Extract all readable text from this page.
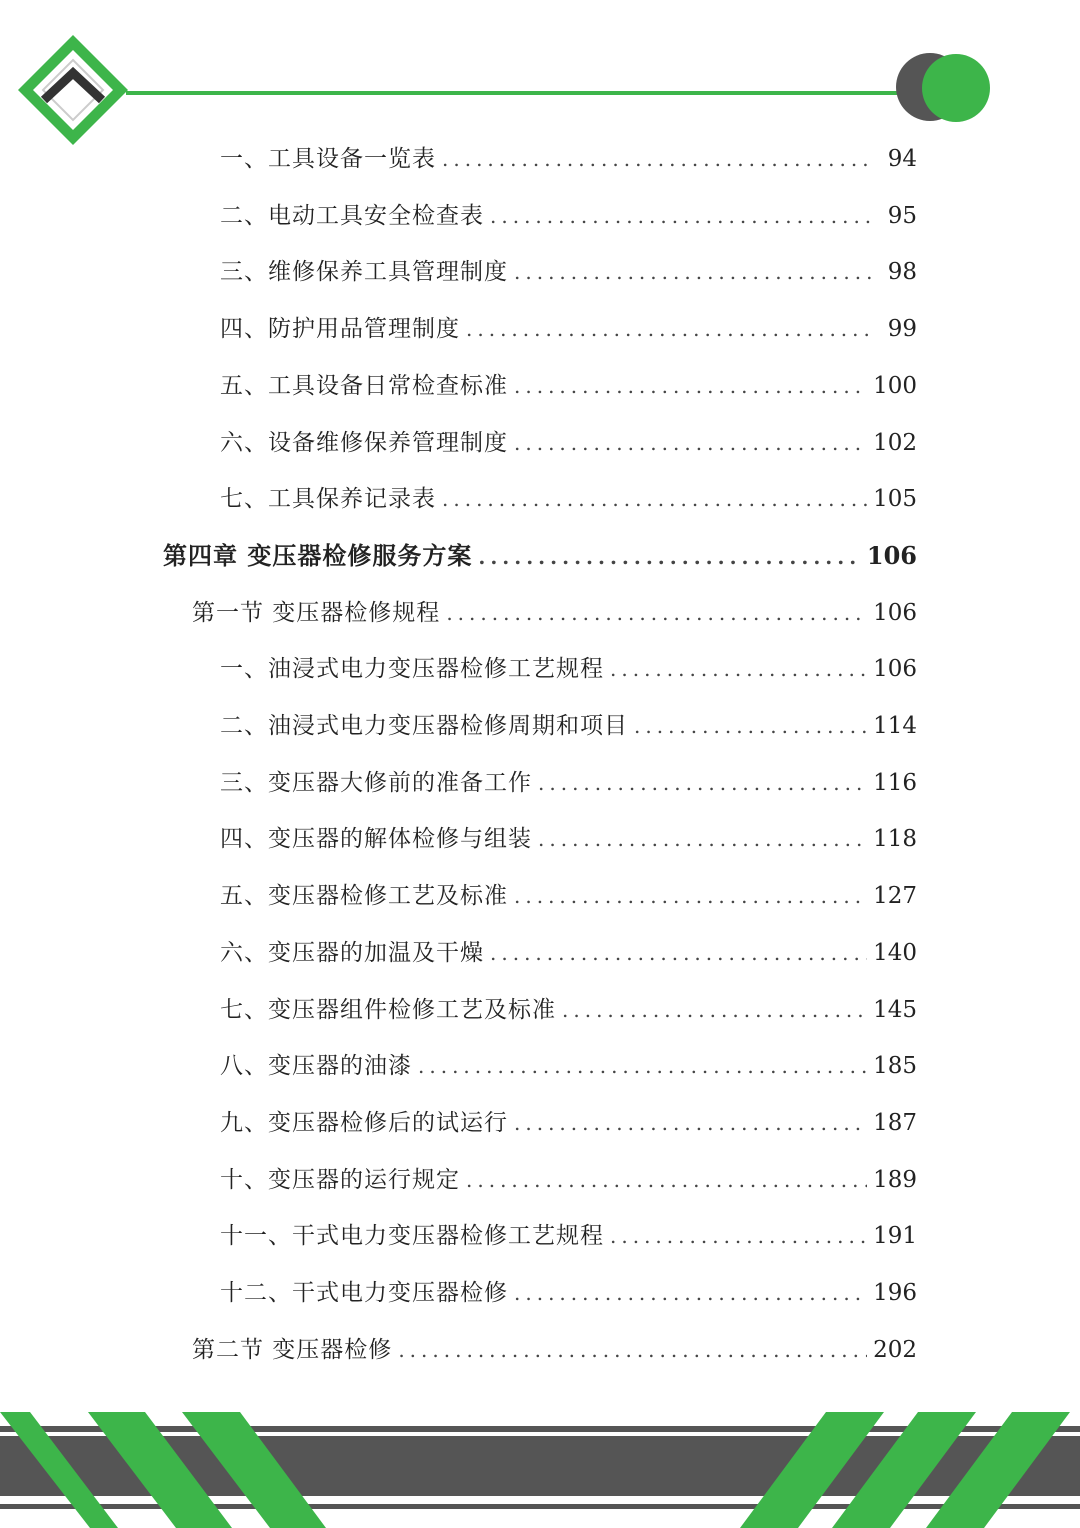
一、工具设备一览表 .....	94
二、电动工具安全检查表 .....	95
三、维修保养工具管理制度 .....	98
四、防护用品管理制度 .....	99
五、工具设备日常检查标准 .....	100
六、设备维修保养管理制度 .....	102
七、工具保养记录表 .....	105
第四章 变压器检修服务方案 .....	106
第一节 变压器检修规程 .....	106
一、油浸式电力变压器检修工艺规程 .....	106
二、油浸式电力变压器检修周期和项目 .....	114
三、变压器大修前的准备工作 .....	116
四、变压器的解体检修与组装 .....	118
五、变压器检修工艺及标准 .....	127
六、变压器的加温及干燥 .....	140
七、变压器组件检修工艺及标准 .....	145
八、变压器的油漆 .....	185
九、变压器检修后的试运行 .....	187
十、变压器的运行规定 .....	189
十一、干式电力变压器检修工艺规程 .....	191
十二、干式电力变压器检修 .....	196
第二节 变压器检修 .....	202
